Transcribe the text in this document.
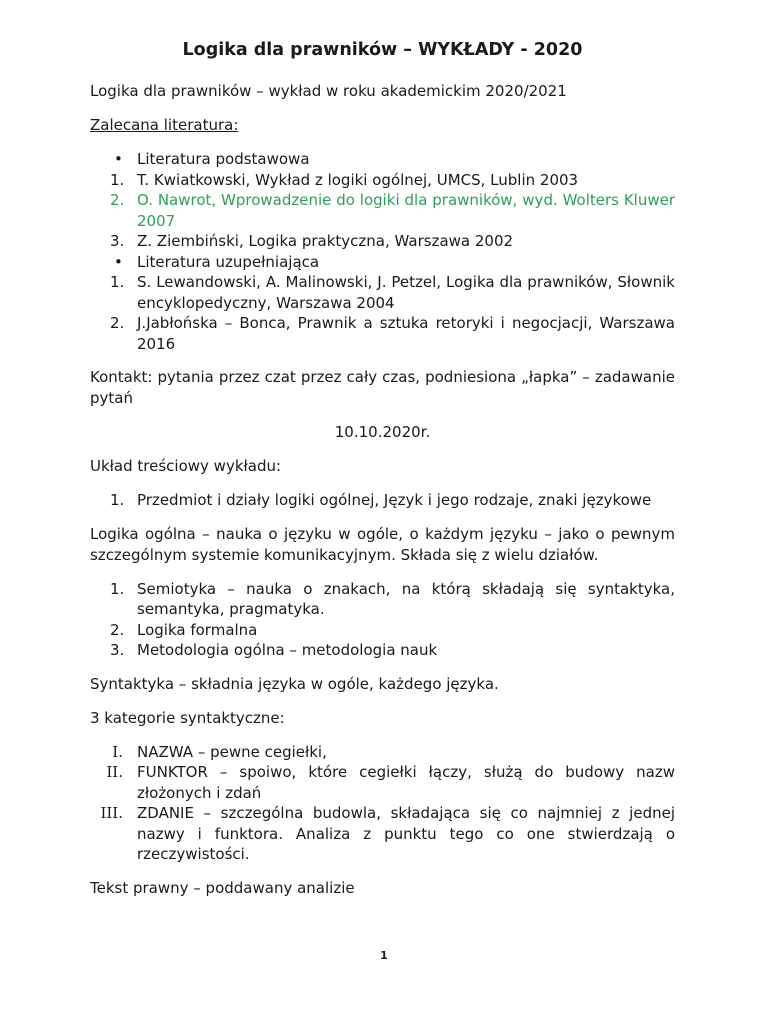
Logika dla prawników – WYKŁADY - 2020

Logika dla prawników – wykład w roku akademickim 2020/2021

Zalecana literatura:

• Literatura podstawowa
1. T. Kwiatkowski, Wykład z logiki ogólnej, UMCS, Lublin 2003
2. O. Nawrot, Wprowadzenie do logiki dla prawników, wyd. Wolters Kluwer 2007
3. Z. Ziembiński, Logika praktyczna, Warszawa 2002
• Literatura uzupełniająca
1. S. Lewandowski, A. Malinowski, J. Petzel, Logika dla prawników, Słownik encyklopedyczny, Warszawa 2004
2. J.Jabłońska – Bonca, Prawnik a sztuka retoryki i negocjacji, Warszawa 2016

Kontakt: pytania przez czat przez cały czas, podniesiona „łapka” – zadawanie pytań

10.10.2020r.

Układ treściowy wykładu:

1. Przedmiot i działy logiki ogólnej, Język i jego rodzaje, znaki językowe

Logika ogólna – nauka o języku w ogóle, o każdym języku – jako o pewnym szczególnym systemie komunikacyjnym. Składa się z wielu działów.

1. Semiotyka – nauka o znakach, na którą składają się syntaktyka, semantyka, pragmatyka.
2. Logika formalna
3. Metodologia ogólna – metodologia nauk

Syntaktyka – składnia języka w ogóle, każdego języka.

3 kategorie syntaktyczne:

I. NAZWA – pewne cegiełki,
II. FUNKTOR – spoiwo, które cegiełki łączy, służą do budowy nazw złożonych i zdań
III. ZDANIE – szczególna budowla, składająca się co najmniej z jednej nazwy i funktora. Analiza z punktu tego co one stwierdzają o rzeczywistości.

Tekst prawny – poddawany analizie

1
